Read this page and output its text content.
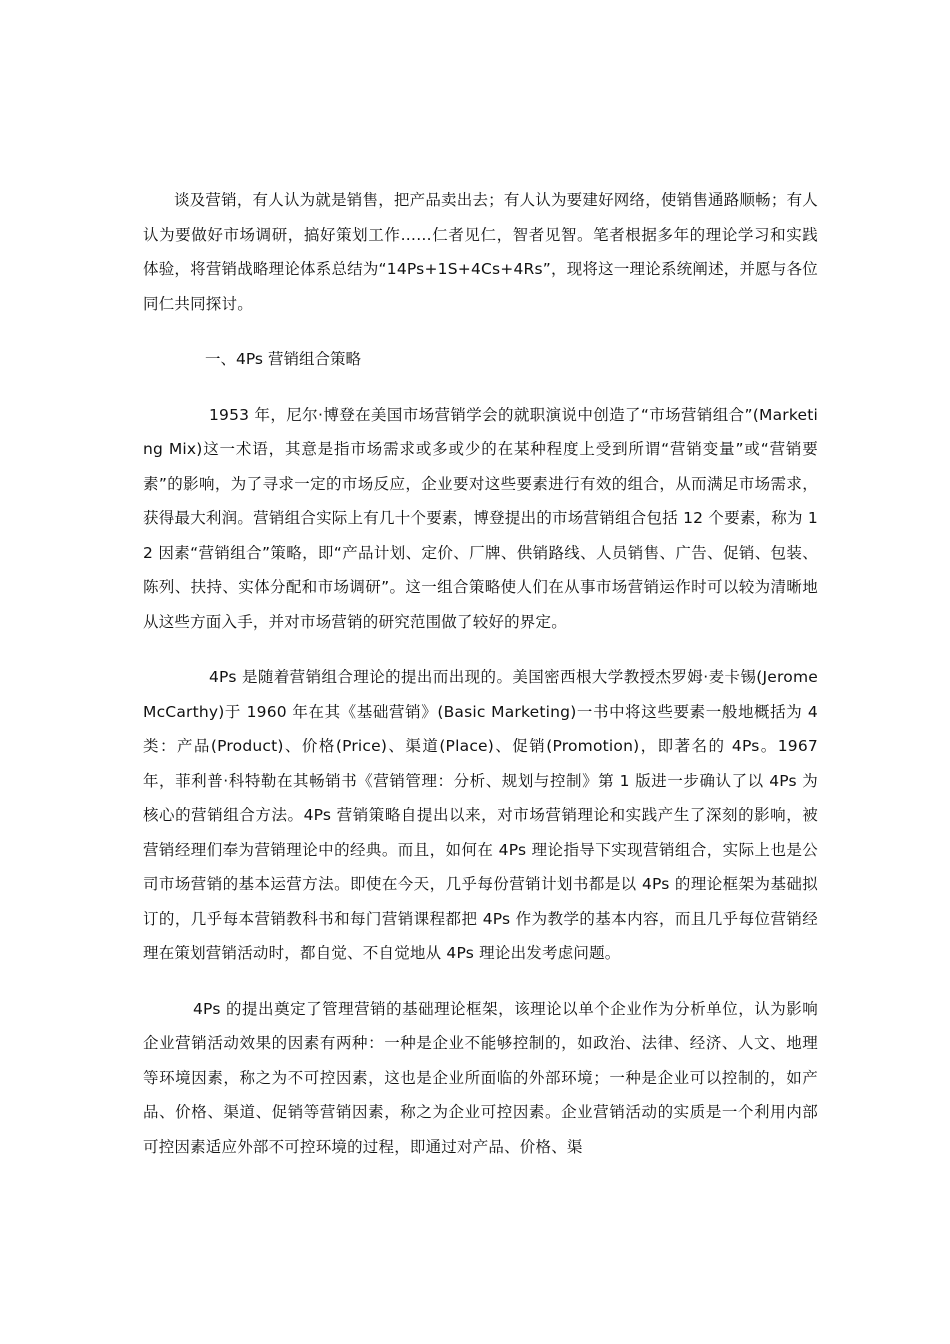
谈及营销，有人认为就是销售，把产品卖出去；有人认为要建好网络，使销售通路顺畅；有人认为要做好市场调研，搞好策划工作……仁者见仁，智者见智。笔者根据多年的理论学习和实践体验，将营销战略理论体系总结为“14Ps+1S+4Cs+4Rs”，现将这一理论系统阐述，并愿与各位同仁共同探讨。

一、4Ps 营销组合策略

1953 年，尼尔·博登在美国市场营销学会的就职演说中创造了“市场营销组合”(Marketing Mix)这一术语，其意是指市场需求或多或少的在某种程度上受到所谓“营销变量”或“营销要素”的影响，为了寻求一定的市场反应，企业要对这些要素进行有效的组合，从而满足市场需求，获得最大利润。营销组合实际上有几十个要素，博登提出的市场营销组合包括 12 个要素，称为 12 因素“营销组合”策略，即“产品计划、定价、厂牌、供销路线、人员销售、广告、促销、包装、陈列、扶持、实体分配和市场调研”。这一组合策略使人们在从事市场营销运作时可以较为清晰地从这些方面入手，并对市场营销的研究范围做了较好的界定。

4Ps 是随着营销组合理论的提出而出现的。美国密西根大学教授杰罗姆·麦卡锡(Jerome McCarthy)于 1960 年在其《基础营销》(Basic Marketing)一书中将这些要素一般地概括为 4 类：产品(Product)、价格(Price)、渠道(Place)、促销(Promotion)，即著名的 4Ps。1967 年，菲利普·科特勒在其畅销书《营销管理：分析、规划与控制》第 1 版进一步确认了以 4Ps 为核心的营销组合方法。4Ps 营销策略自提出以来，对市场营销理论和实践产生了深刻的影响，被营销经理们奉为营销理论中的经典。而且，如何在 4Ps 理论指导下实现营销组合，实际上也是公司市场营销的基本运营方法。即使在今天，几乎每份营销计划书都是以 4Ps 的理论框架为基础拟订的，几乎每本营销教科书和每门营销课程都把 4Ps 作为教学的基本内容，而且几乎每位营销经理在策划营销活动时，都自觉、不自觉地从 4Ps 理论出发考虑问题。

4Ps 的提出奠定了管理营销的基础理论框架，该理论以单个企业作为分析单位，认为影响企业营销活动效果的因素有两种：一种是企业不能够控制的，如政治、法律、经济、人文、地理等环境因素，称之为不可控因素，这也是企业所面临的外部环境；一种是企业可以控制的，如产品、价格、渠道、促销等营销因素，称之为企业可控因素。企业营销活动的实质是一个利用内部可控因素适应外部不可控环境的过程，即通过对产品、价格、渠
